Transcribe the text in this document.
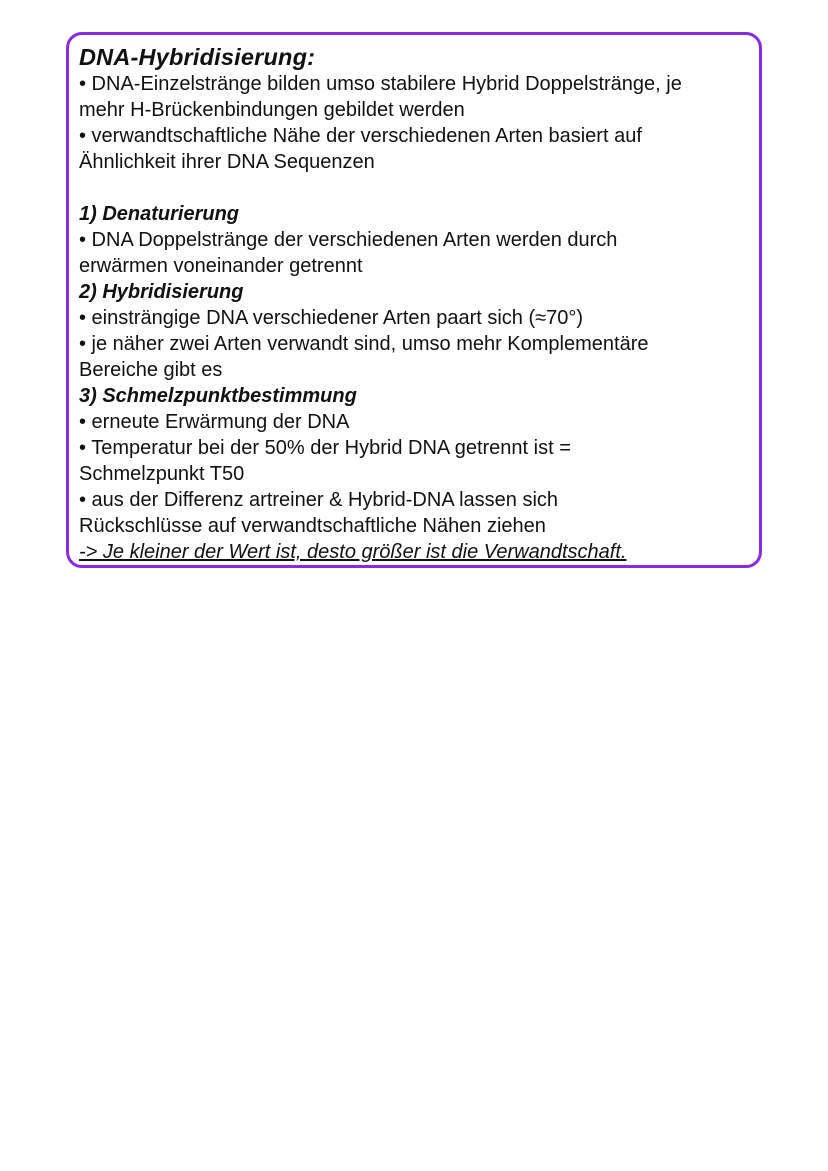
DNA-Hybridisierung:

• DNA-Einzelstränge bilden umso stabilere Hybrid Doppelstränge, je

mehr H-Brückenbindungen gebildet werden

• verwandtschaftliche Nähe der verschiedenen Arten basiert auf

Ähnlichkeit ihrer DNA Sequenzen

1) Denaturierung

• DNA Doppelstränge der verschiedenen Arten werden durch

erwärmen voneinander getrennt

2) Hybridisierung

• einsträngige DNA verschiedener Arten paart sich (≈70°)

• je näher zwei Arten verwandt sind, umso mehr Komplementäre

Bereiche gibt es

3) Schmelzpunktbestimmung

• erneute Erwärmung der DNA

• Temperatur bei der 50% der Hybrid DNA getrennt ist =

Schmelzpunkt T50

• aus der Differenz artreiner & Hybrid-DNA lassen sich

Rückschlüsse auf verwandtschaftliche Nähen ziehen

-> Je kleiner der Wert ist, desto größer ist die Verwandtschaft.
